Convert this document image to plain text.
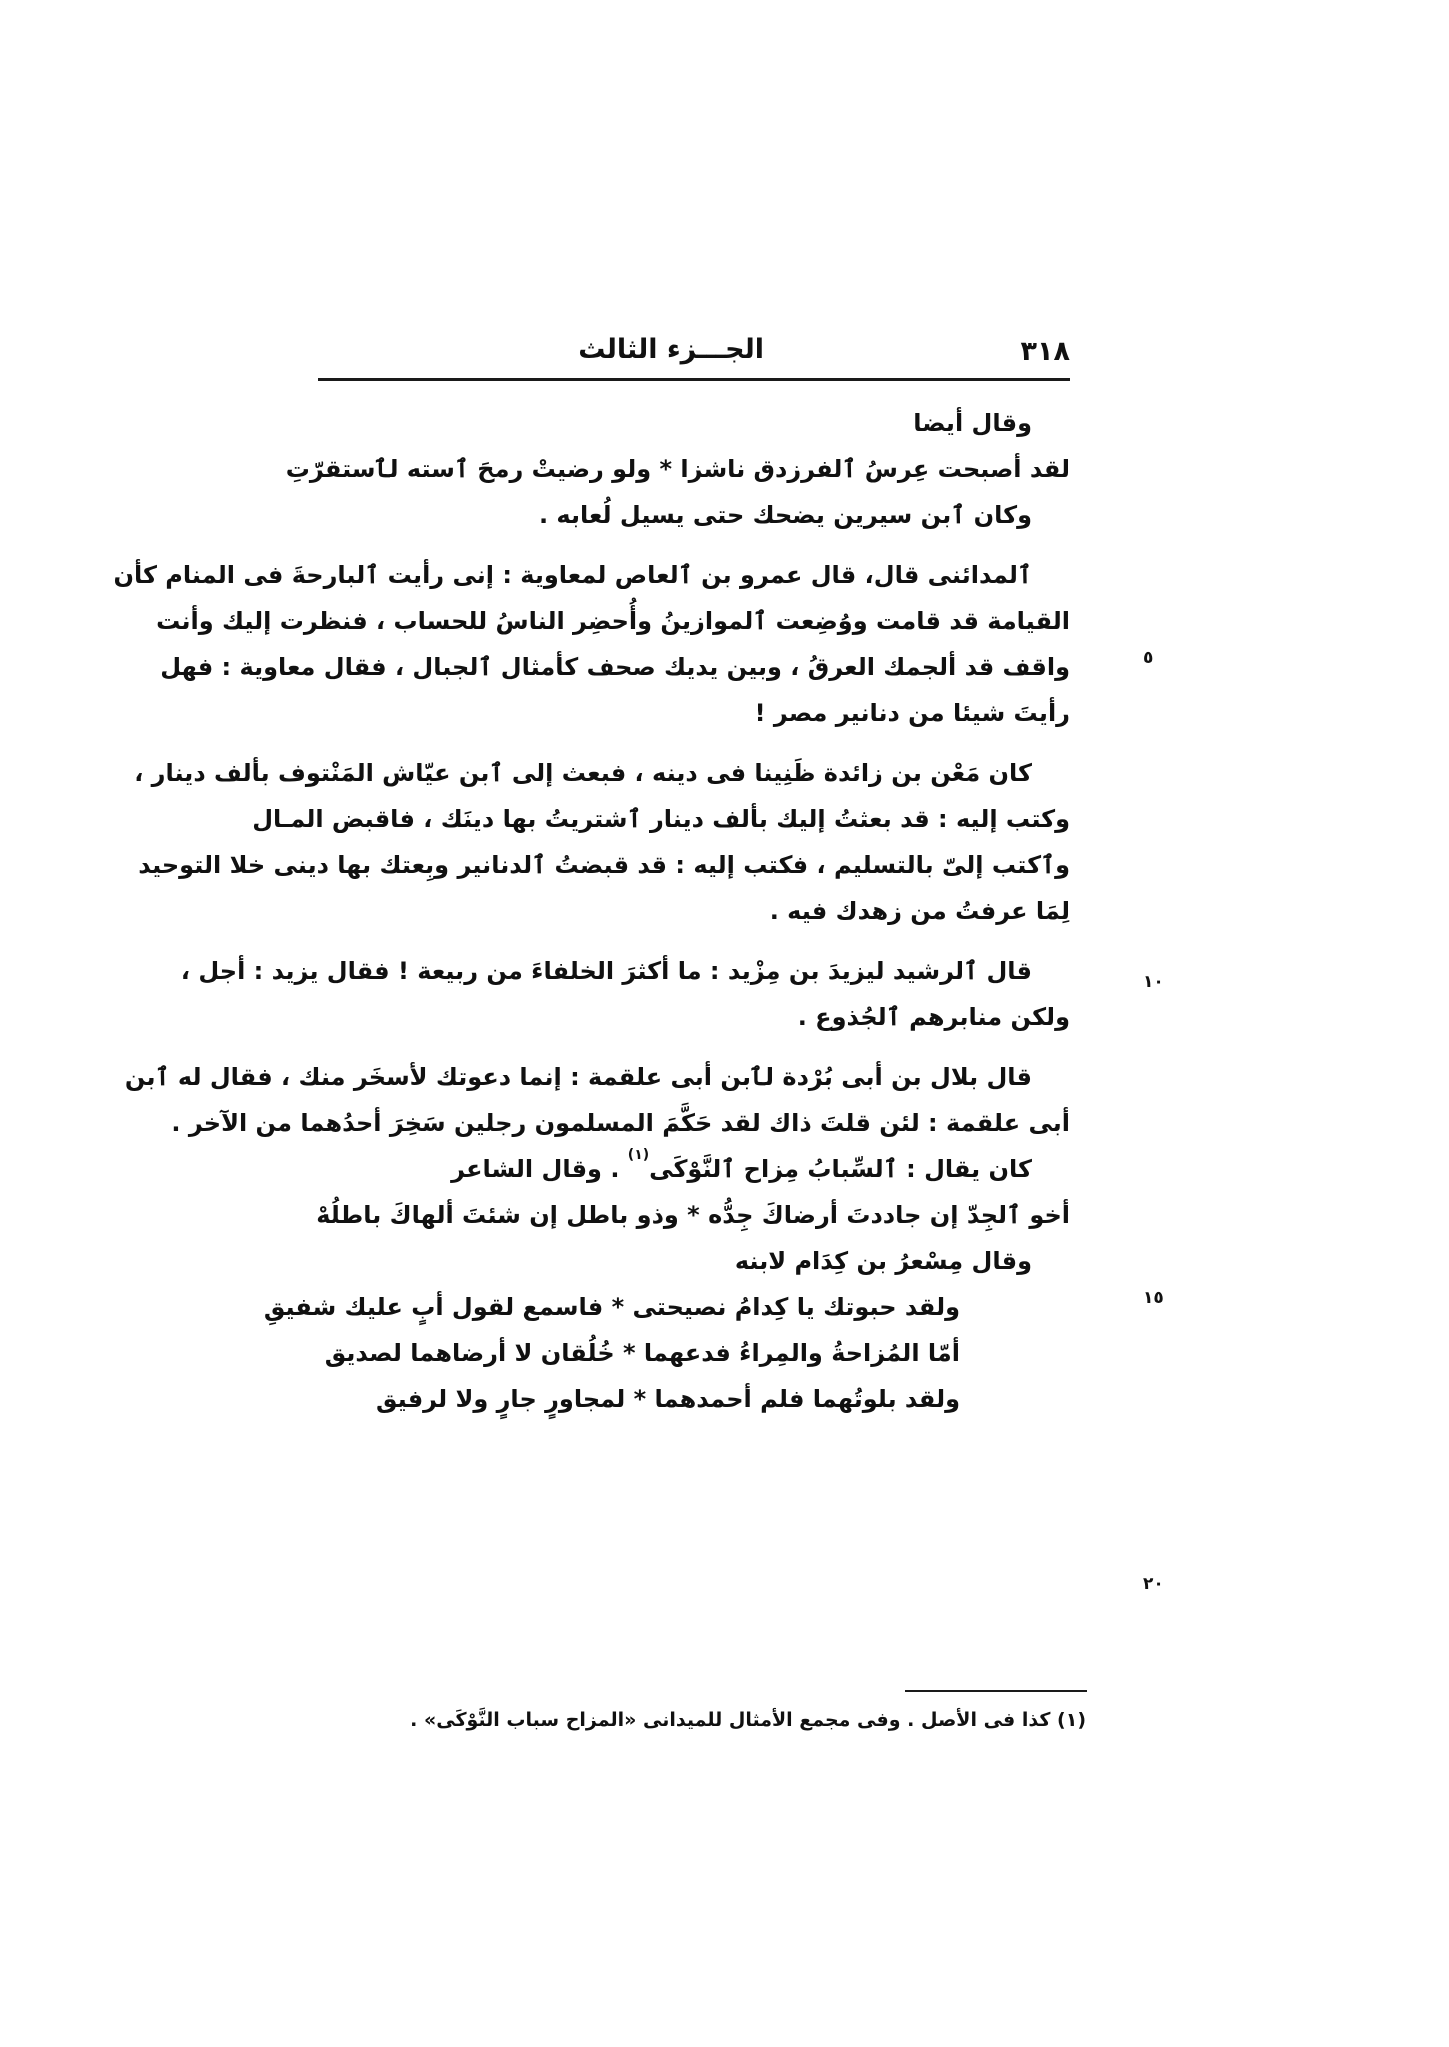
٣١٨
الجـــزء الثالث
وقال أيضا
لقد أصبحت عِرسُ ٱلفرزدق ناشزا * ولو رضيتْ رمحَ ٱسته لٱستقرّتِ
وكان ٱبن سيرين يضحك حتى يسيل لُعابه .
ٱلمدائنى قال، قال عمرو بن ٱلعاص لمعاوية : إنى رأيت ٱلبارحةَ فى المنام كأن
القيامة قد قامت ووُضِعت ٱلموازينُ وأُحضِر الناسُ للحساب ، فنظرت إليك وأنت
واقف قد ألجمك العرقُ ، وبين يديك صحف كأمثال ٱلجبال ، فقال معاوية : فهل
رأيتَ شيئا من دنانير مصر !
كان مَعْن بن زائدة ظَنِينا فى دينه ، فبعث إلى ٱبن عيّاش المَنْتوف بألف دينار ،
وكتب إليه : قد بعثتُ إليك بألف دينار ٱشتريتُ بها دينَك ، فاقبض المـال
وٱكتب إلىّ بالتسليم ، فكتب إليه : قد قبضتُ ٱلدنانير وبِعتك بها دينى خلا التوحيد
لِمَا عرفتُ من زهدك فيه .
قال ٱلرشيد ليزيدَ بن مِزْيد : ما أكثرَ الخلفاءَ من ربيعة ! فقال يزيد : أجل ،
ولكن منابرهم ٱلجُذوع .
قال بلال بن أبى بُرْدة لٱبن أبى علقمة : إنما دعوتك لأسخَر منك ، فقال له ٱبن
أبى علقمة : لئن قلتَ ذاك لقد حَكَّمَ المسلمون رجلين سَخِرَ أحدُهما من الآخر .
كان يقال : ٱلسِّبابُ مِزاح ٱلنَّوْكَى$^{(١)}$ . وقال الشاعر
أخو ٱلجِدّ إن جاددتَ أرضاكَ جِدُّه * وذو باطل إن شئتَ ألهاكَ باطلُهْ
وقال مِسْعرُ بن كِدَام لابنه
ولقد حبوتك يا كِدامُ نصيحتى * فاسمع لقول أبٍ عليك شفيقِ
أمّا المُزاحةُ والمِراءُ فدعهما * خُلُقان لا أرضاهما لصديق
ولقد بلوتُهما فلم أحمدهما * لمجاورٍ جارٍ ولا لرفيق
٥
١٠
١٥
٢٠
(١) كذا فى الأصل . وفى مجمع الأمثال للميدانى «المزاح سباب النَّوْكَى» .
